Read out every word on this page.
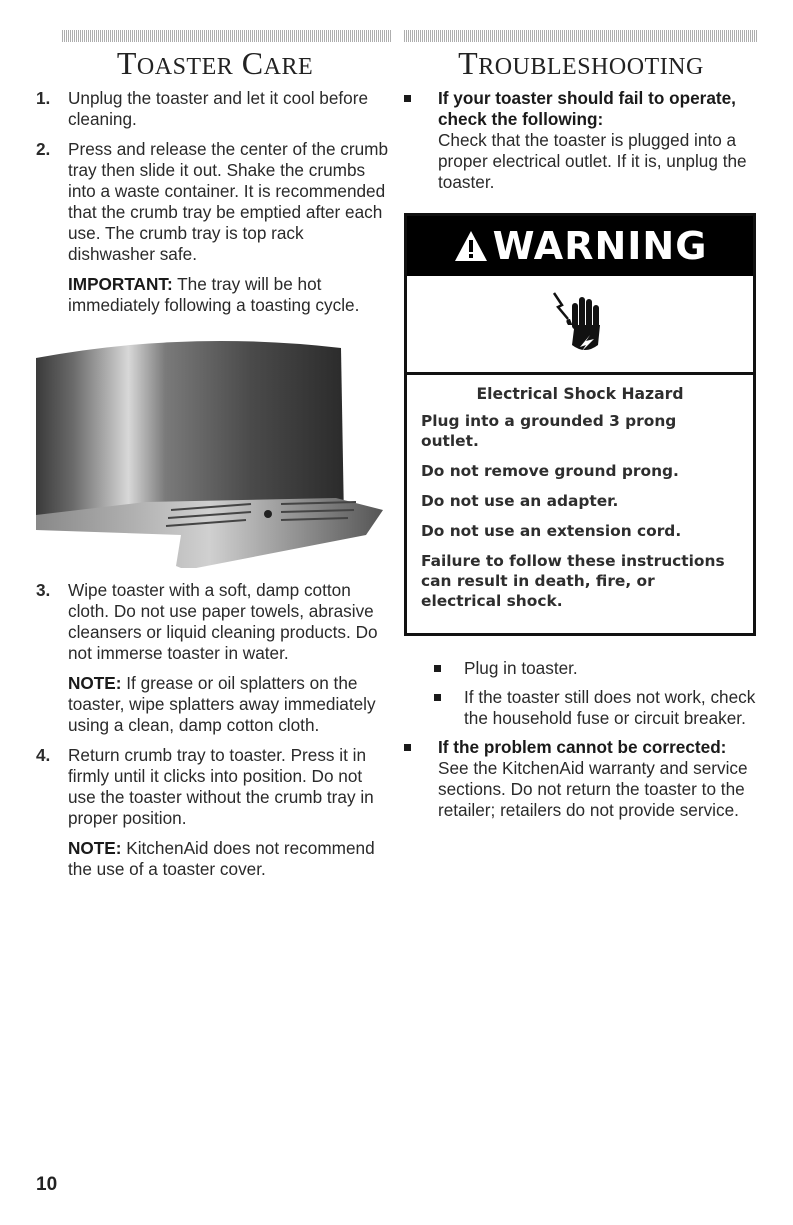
TOASTER CARE
1. Unplug the toaster and let it cool before cleaning.

2. Press and release the center of the crumb tray then slide it out. Shake the crumbs into a waste container. It is recommended that the crumb tray be emptied after each use. The crumb tray is top rack dishwasher safe.

IMPORTANT: The tray will be hot immediately following a toasting cycle.

3. Wipe toaster with a soft, damp cotton cloth. Do not use paper towels, abrasive cleansers or liquid cleaning products. Do not immerse toaster in water.

NOTE: If grease or oil splatters on the toaster, wipe splatters away immediately using a clean, damp cotton cloth.

4. Return crumb tray to toaster. Press it in firmly until it clicks into position. Do not use the toaster without the crumb tray in proper position.

NOTE: KitchenAid does not recommend the use of a toaster cover.

TROUBLESHOOTING

If your toaster should fail to operate, check the following:

Check that the toaster is plugged into a proper electrical outlet. If it is, unplug the toaster.

WARNING
Electrical Shock Hazard

Plug into a grounded 3 prong outlet.

Do not remove ground prong.

Do not use an adapter.

Do not use an extension cord.

Failure to follow these instructions can result in death, fire, or electrical shock.

Plug in toaster.

If the toaster still does not work, check the household fuse or circuit breaker.

If the problem cannot be corrected:

See the KitchenAid warranty and service sections. Do not return the toaster to the retailer; retailers do not provide service.

10
